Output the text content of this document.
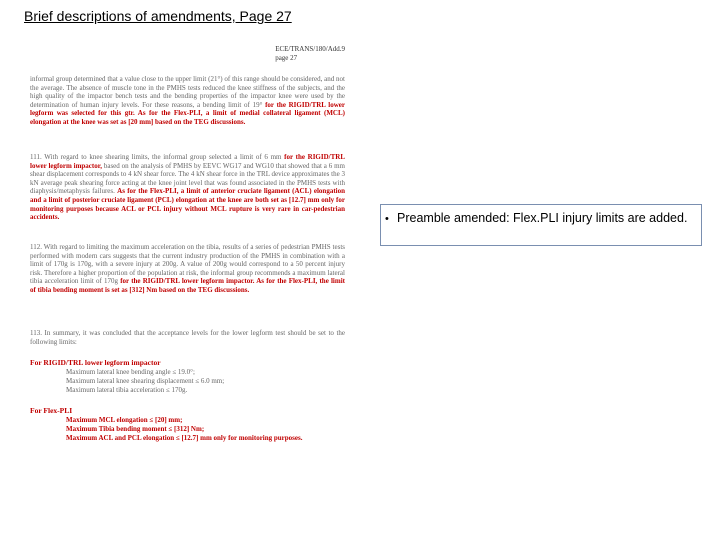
Brief descriptions of amendments, Page 27
ECE/TRANS/180/Add.9
page 27
informal group determined that a value close to the upper limit (21°) of this range should be considered, and not the average. The absence of muscle tone in the PMHS tests reduced the knee stiffness of the subjects, and the high quality of the impactor bench tests and the bending properties of the impactor knee were used by the determination of human injury levels. For these reasons, a bending limit of 19° for the RIGID/TRL lower legform was selected for this gtr. As for the Flex-PLI, a limit of medial collateral ligament (MCL) elongation at the knee was set as [20 mm] based on the TEG discussions.
111. With regard to knee shearing limits, the informal group selected a limit of 6 mm for the RIGID/TRL lower legform impactor, based on the analysis of PMHS by EEVC WG17 and WG10 that showed that a 6 mm shear displacement corresponds to 4 kN shear force. The 4 kN shear force in the TRL device approximates the 3 kN average peak shearing force acting at the knee joint level that was found associated in the PMHS tests with diaphysis/metaphysis failures. As for the Flex-PLI, a limit of anterior cruciate ligament (ACL) elongation and a limit of posterior cruciate ligament (PCL) elongation at the knee are both set as [12.7] mm only for monitoring purposes because ACL or PCL injury without MCL rupture is very rare in car-pedestrian accidents.
112. With regard to limiting the maximum acceleration on the tibia, results of a series of pedestrian PMHS tests performed with modern cars suggests that the current industry production of the PMHS in combination with a limit of 170g is 170g, with a severe injury at 200g. A value of 200g would correspond to a 50 percent injury risk. Therefore a higher proportion of the population at risk, the informal group recommends a maximum lateral tibia acceleration limit of 170g for the RIGID/TRL lower legform impactor. As for the Flex-PLI, the limit of tibia bending moment is set as [312] Nm based on the TEG discussions.
113. In summary, it was concluded that the acceptance levels for the lower legform test should be set to the following limits:
For RIGID/TRL lower legform impactor
Maximum lateral knee bending angle ≤ 19.0°;
Maximum lateral knee shearing displacement ≤ 6.0 mm;
Maximum lateral tibia acceleration ≤ 170g.
For Flex-PLI
Maximum MCL elongation ≤ [20] mm;
Maximum Tibia bending moment ≤ [312] Nm;
Maximum ACL and PCL elongation ≤ [12.7] mm only for monitoring purposes.
• Preamble amended: Flex.PLI injury limits are added.
